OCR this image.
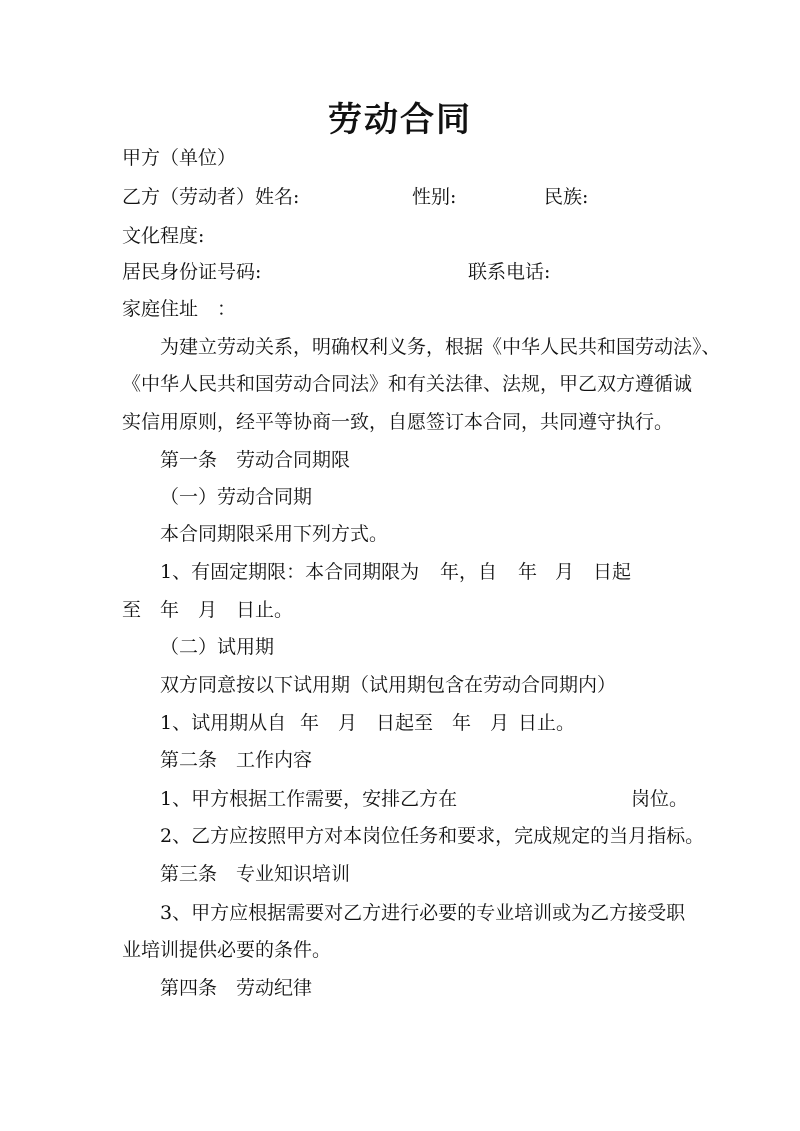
劳动合同
甲方（单位）
乙方（劳动者）姓名:	性别:	民族:
文化程度:
居民身份证号码:	联系电话:
家庭住址　：
为建立劳动关系，明确权利义务，根据《中华人民共和国劳动法》、
《中华人民共和国劳动合同法》和有关法律、法规，甲乙双方遵循诚
实信用原则，经平等协商一致，自愿签订本合同，共同遵守执行。
第一条　劳动合同期限
（一）劳动合同期
本合同期限采用下列方式。
1、有固定期限：本合同期限为 年，自 年 月 日起
至 年 月 日止。
（二）试用期
双方同意按以下试用期（试用期包含在劳动合同期内）
1、试用期从自 年 月 日起至 年 月 日止。
第二条　工作内容
1、甲方根据工作需要，安排乙方在	岗位。
2、乙方应按照甲方对本岗位任务和要求，完成规定的当月指标。
第三条　专业知识培训
3、甲方应根据需要对乙方进行必要的专业培训或为乙方接受职
业培训提供必要的条件。
第四条　劳动纪律
